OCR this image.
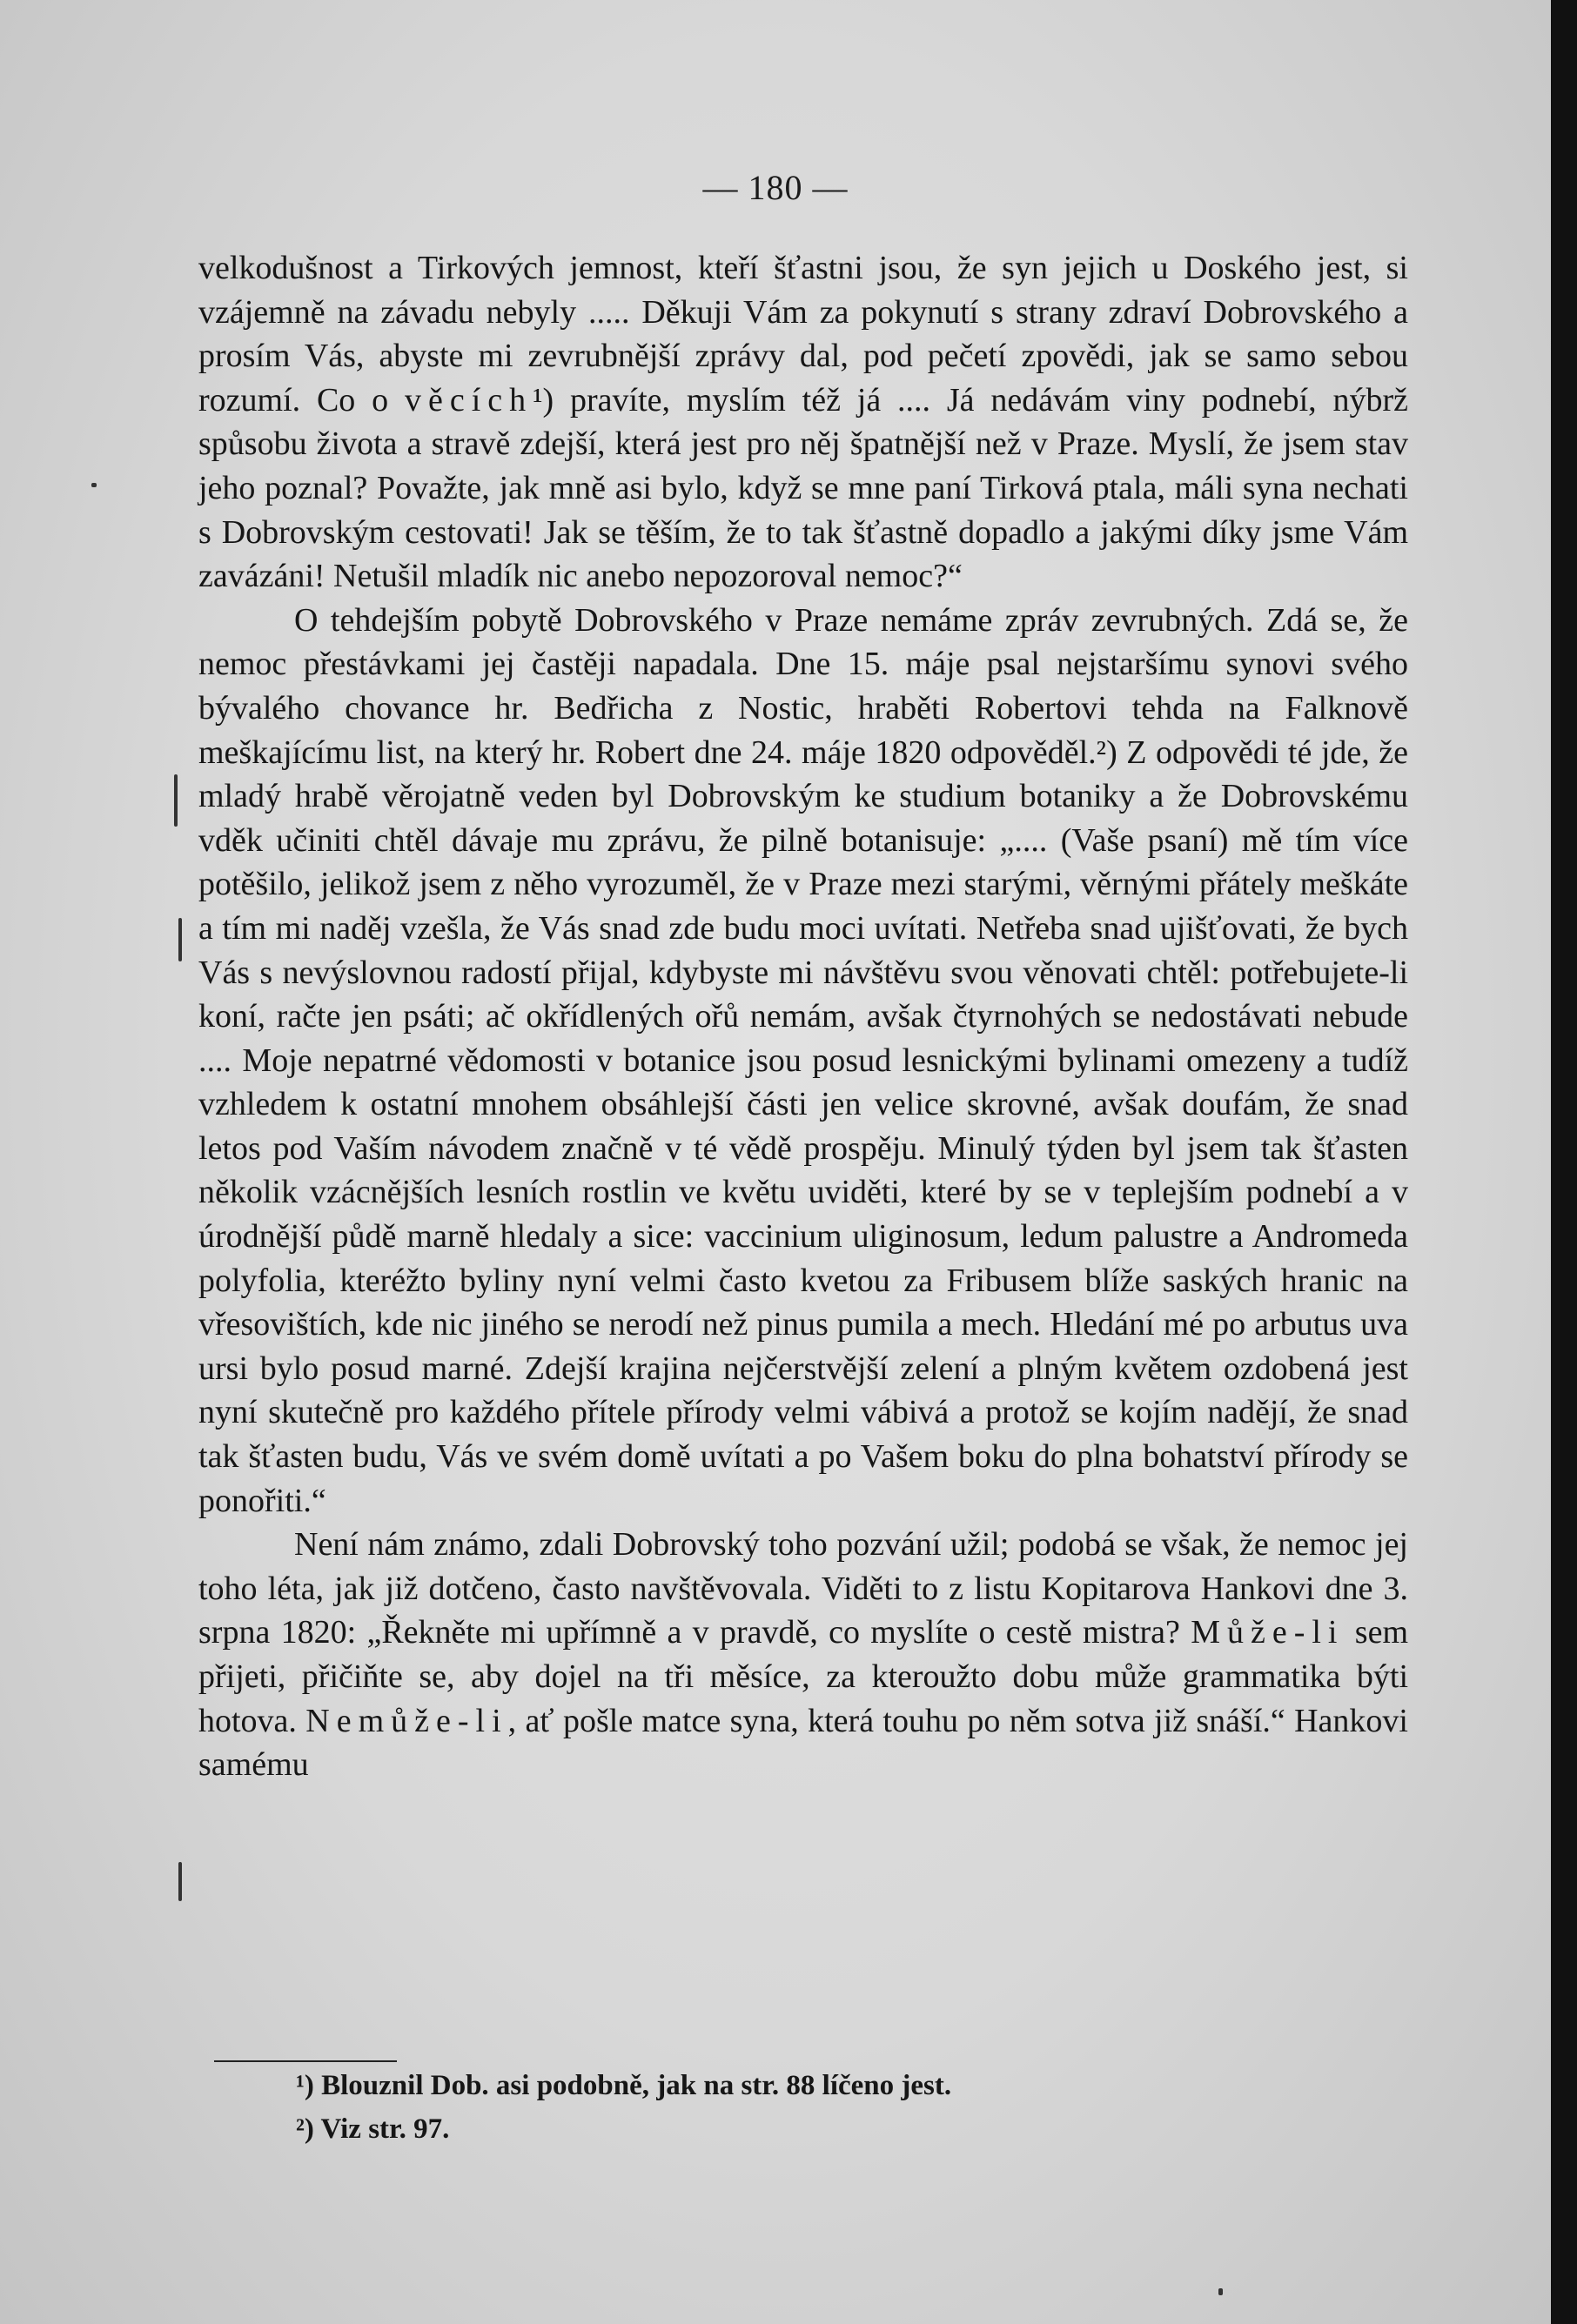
— 180 —

velkodušnost a Tirkových jemnost, kteří šťastni jsou, že syn jejich u Doského jest, si vzájemně na závadu nebyly ..... Děkuji Vám za pokynutí s strany zdraví Dobrovského a prosím Vás, abyste mi zevrubnější zprávy dal, pod pečetí zpovědi, jak se samo sebou rozumí. Co o věcích¹) pravíte, myslím též já .... Já nedávám viny podnebí, nýbrž spůsobu života a stravě zdejší, která jest pro něj špatnější než v Praze. Myslí, že jsem stav jeho poznal? Považte, jak mně asi bylo, když se mne paní Tirková ptala, máli syna nechati s Dobrovským cestovati! Jak se těším, že to tak šťastně dopadlo a jakými díky jsme Vám zavázáni! Netušil mladík nic anebo nepozoroval nemoc?“

O tehdejším pobytě Dobrovského v Praze nemáme zpráv zevrubných. Zdá se, že nemoc přestávkami jej častěji napadala. Dne 15. máje psal nejstaršímu synovi svého bývalého chovance hr. Bedřicha z Nostic, hraběti Robertovi tehda na Falknově meškajícímu list, na který hr. Robert dne 24. máje 1820 odpověděl.²) Z odpovědi té jde, že mladý hrabě věrojatně veden byl Dobrovským ke studium botaniky a že Dobrovskému vděk učiniti chtěl dávaje mu zprávu, že pilně botanisuje: „.... (Vaše psaní) mě tím více potěšilo, jelikož jsem z něho vyrozuměl, že v Praze mezi starými, věrnými přátely meškáte a tím mi naděj vzešla, že Vás snad zde budu moci uvítati. Netřeba snad ujišťovati, že bych Vás s nevýslovnou radostí přijal, kdybyste mi návštěvu svou věnovati chtěl: potřebujete-li koní, račte jen psáti; ač okřídlených ořů nemám, avšak čtyrnohých se nedostávati nebude .... Moje nepatrné vědomosti v botanice jsou posud lesnickými bylinami omezeny a tudíž vzhledem k ostatní mnohem obsáhlejší části jen velice skrovné, avšak doufám, že snad letos pod Vaším návodem značně v té vědě prospěju. Minulý týden byl jsem tak šťasten několik vzácnějších lesních rostlin ve květu uviděti, které by se v teplejším podnebí a v úrodnější půdě marně hledaly a sice: vaccinium uliginosum, ledum palustre a Andromeda polyfolia, kteréžto byliny nyní velmi často kvetou za Fribusem blíže saských hranic na vřesovištích, kde nic jiného se nerodí než pinus pumila a mech. Hledání mé po arbutus uva ursi bylo posud marné. Zdejší krajina nejčerstvější zelení a plným květem ozdobená jest nyní skutečně pro každého přítele přírody velmi vábivá a protož se kojím nadějí, že snad tak šťasten budu, Vás ve svém domě uvítati a po Vašem boku do plna bohatství přírody se ponořiti.“

Není nám známo, zdali Dobrovský toho pozvání užil; podobá se však, že nemoc jej toho léta, jak již dotčeno, často navštěvovala. Viděti to z listu Kopitarova Hankovi dne 3. srpna 1820: „Řekněte mi upřímně a v pravdě, co myslíte o cestě mistra? Může-li sem přijeti, přičiňte se, aby dojel na tři měsíce, za kteroužto dobu může grammatika býti hotova. Nemůže-li, ať pošle matce syna, která touhu po něm sotva již snáší.“ Hankovi samému

¹) Blouznil Dob. asi podobně, jak na str. 88 líčeno jest.
²) Viz str. 97.
